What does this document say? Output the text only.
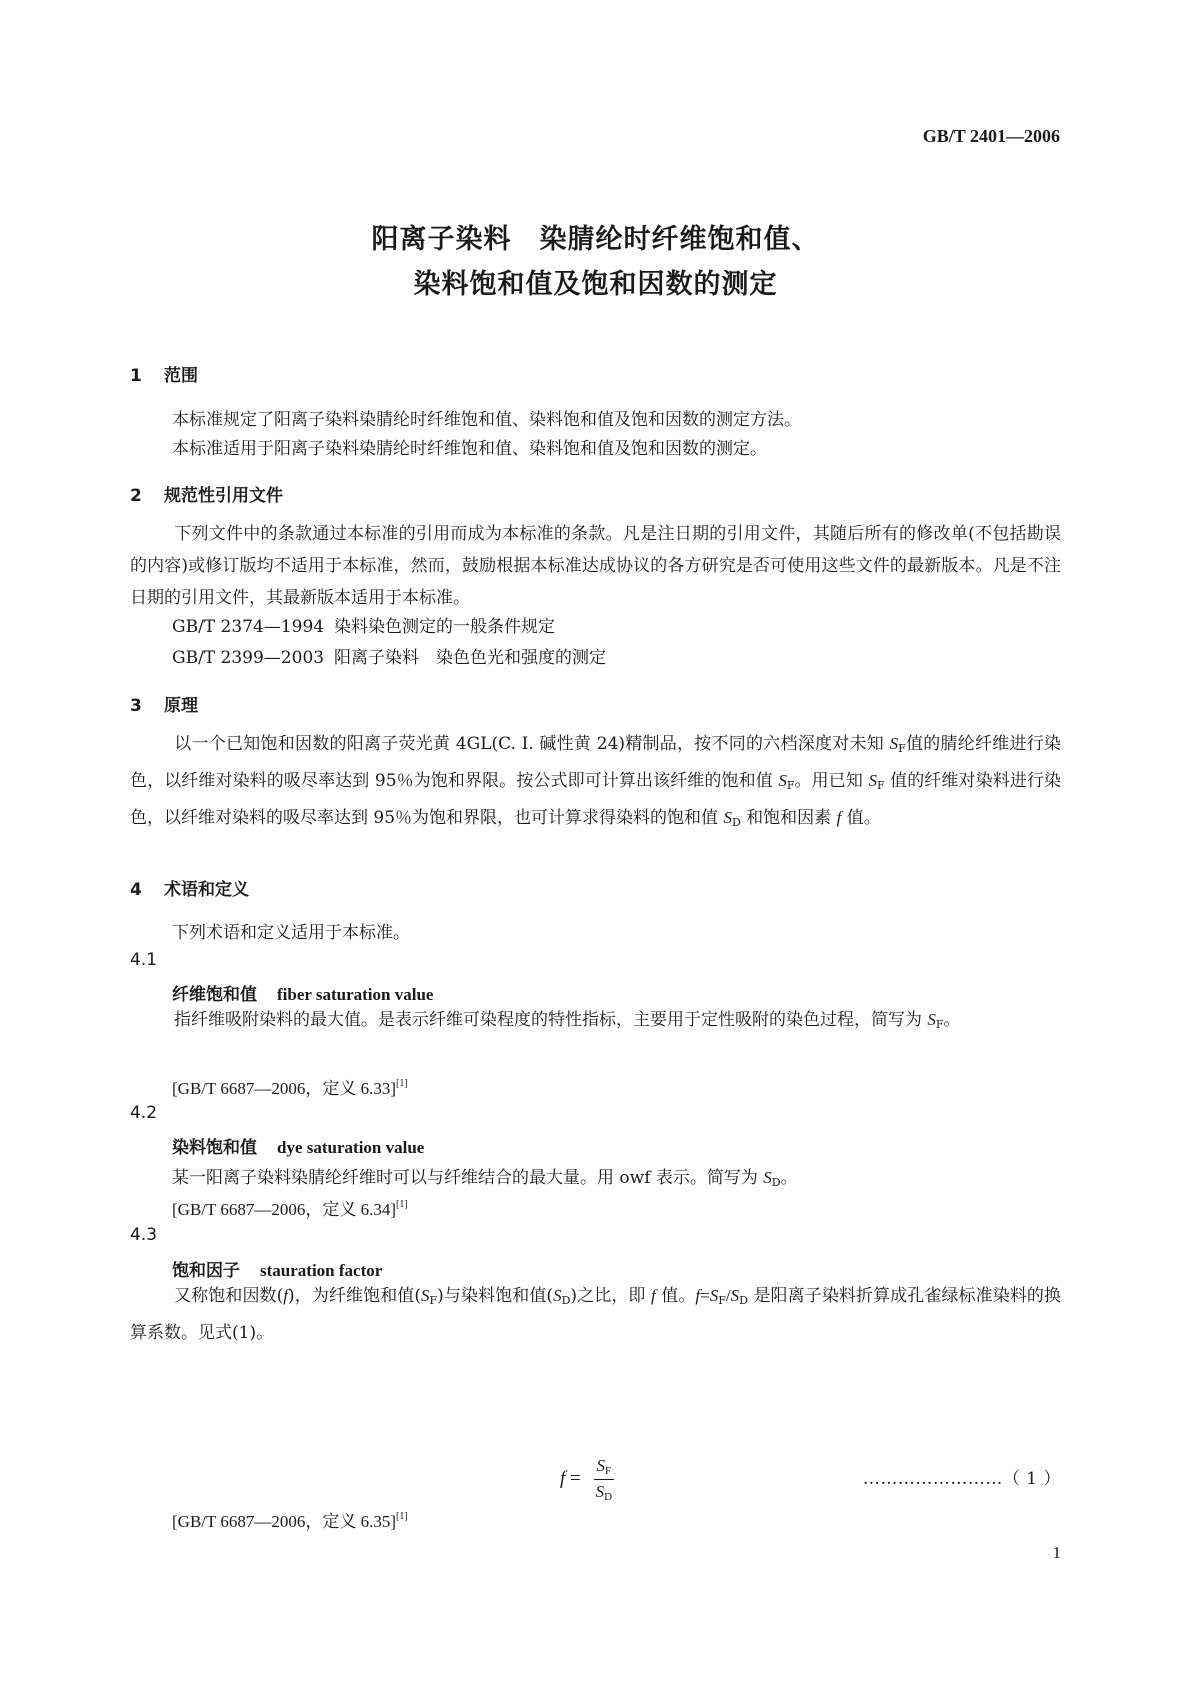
GB/T 2401—2006
阳离子染料　染腈纶时纤维饱和值、
染料饱和值及饱和因数的测定
1 范围
本标准规定了阳离子染料染腈纶时纤维饱和值、染料饱和值及饱和因数的测定方法。
本标准适用于阳离子染料染腈纶时纤维饱和值、染料饱和值及饱和因数的测定。
2 规范性引用文件
下列文件中的条款通过本标准的引用而成为本标准的条款。凡是注日期的引用文件，其随后所有的修改单(不包括勘误的内容)或修订版均不适用于本标准，然而，鼓励根据本标准达成协议的各方研究是否可使用这些文件的最新版本。凡是不注日期的引用文件，其最新版本适用于本标准。
GB/T 2374—1994 染料染色测定的一般条件规定
GB/T 2399—2003 阳离子染料　染色色光和强度的测定
3 原理
以一个已知饱和因数的阳离子荧光黄 4GL(C. I. 碱性黄 24)精制品，按不同的六档深度对未知 $S_F$值的腈纶纤维进行染色，以纤维对染料的吸尽率达到 95％为饱和界限。按公式即可计算出该纤维的饱和值 $S_F$。用已知 $S_F$ 值的纤维对染料进行染色，以纤维对染料的吸尽率达到 95％为饱和界限，也可计算求得染料的饱和值 $S_D$ 和饱和因素 f 值。
4 术语和定义
下列术语和定义适用于本标准。
4.1
纤维饱和值 fiber saturation value
指纤维吸附染料的最大值。是表示纤维可染程度的特性指标，主要用于定性吸附的染色过程，简写为 $S_F$。
[GB/T 6687—2006，定义 6.33][1]
4.2
染料饱和值 dye saturation value
某一阳离子染料染腈纶纤维时可以与纤维结合的最大量。用 owf 表示。简写为 $S_D$。
[GB/T 6687—2006，定义 6.34][1]
4.3
饱和因子 stauration factor
又称饱和因数(f)，为纤维饱和值$(S_F)$与染料饱和值$(S_D)$之比，即 f 值。$f=S_F/S_D$ 是阳离子染料折算成孔雀绿标准染料的换算系数。见式(1)。
$f = \frac{S_F}{S_D}$	……………………（ 1 ）
[GB/T 6687—2006，定义 6.35][1]
1
